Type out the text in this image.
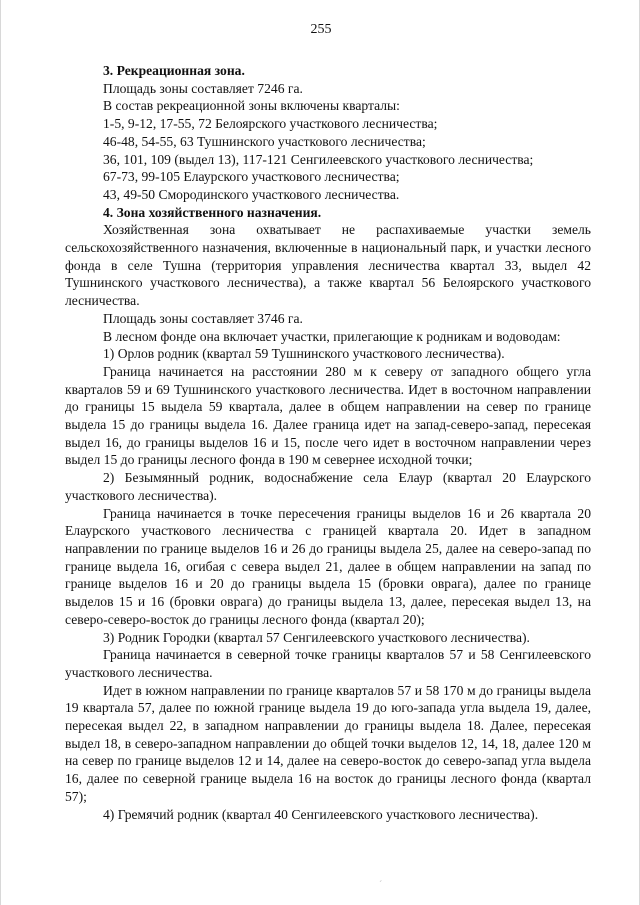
255

3. Рекреационная зона.

Площадь зоны составляет 7246 га.

В состав рекреационной зоны включены кварталы:

1-5, 9-12, 17-55, 72 Белоярского участкового лесничества;

46-48, 54-55, 63 Тушнинского участкового лесничества;

36, 101, 109 (выдел 13), 117-121 Сенгилеевского участкового лесничества;

67-73, 99-105 Елаурского участкового лесничества;

43, 49-50 Смородинского участкового лесничества.

4. Зона хозяйственного назначения.

Хозяйственная зона охватывает не распахиваемые участки земель сельскохозяйственного назначения, включенные в национальный парк, и участки лесного фонда в селе Тушна (территория управления лесничества квартал 33, выдел 42 Тушнинского участкового лесничества), а также квартал 56 Белоярского участкового лесничества.

Площадь зоны составляет 3746 га.

В лесном фонде она включает участки, прилегающие к родникам и водоводам:

1) Орлов родник (квартал 59 Тушнинского участкового лесничества).

Граница начинается на расстоянии 280 м к северу от западного общего угла кварталов 59 и 69 Тушнинского участкового лесничества. Идет в восточном направлении до границы 15 выдела 59 квартала, далее в общем направлении на север по границе выдела 15 до границы выдела 16. Далее граница идет на запад-северо-запад, пересекая выдел 16, до границы выделов 16 и 15, после чего идет в восточном направлении через выдел 15 до границы лесного фонда в 190 м севернее исходной точки;

2) Безымянный родник, водоснабжение села Елаур (квартал 20 Елаурского участкового лесничества).

Граница начинается в точке пересечения границы выделов 16 и 26 квартала 20 Елаурского участкового лесничества с границей квартала 20. Идет в западном направлении по границе выделов 16 и 26 до границы выдела 25, далее на северо-запад по границе выдела 16, огибая с севера выдел 21, далее в общем направлении на запад по границе выделов 16 и 20 до границы выдела 15 (бровки оврага), далее по границе выделов 15 и 16 (бровки оврага) до границы выдела 13, далее, пересекая выдел 13, на северо-северо-восток до границы лесного фонда (квартал 20);

3) Родник Городки (квартал 57 Сенгилеевского участкового лесничества).

Граница начинается в северной точке границы кварталов 57 и 58 Сенгилеевского участкового лесничества.

Идет в южном направлении по границе кварталов 57 и 58 170 м до границы выдела 19 квартала 57, далее по южной границе выдела 19 до юго-запада угла выдела 19, далее, пересекая выдел 22, в западном направлении до границы выдела 18. Далее, пересекая выдел 18, в северо-западном направлении до общей точки выделов 12, 14, 18, далее 120 м на север по границе выделов 12 и 14, далее на северо-восток до северо-запад угла выдела 16, далее по северной границе выдела 16 на восток до границы лесного фонда (квартал 57);

4) Гремячий родник (квартал 40 Сенгилеевского участкового лесничества).

ˊ
